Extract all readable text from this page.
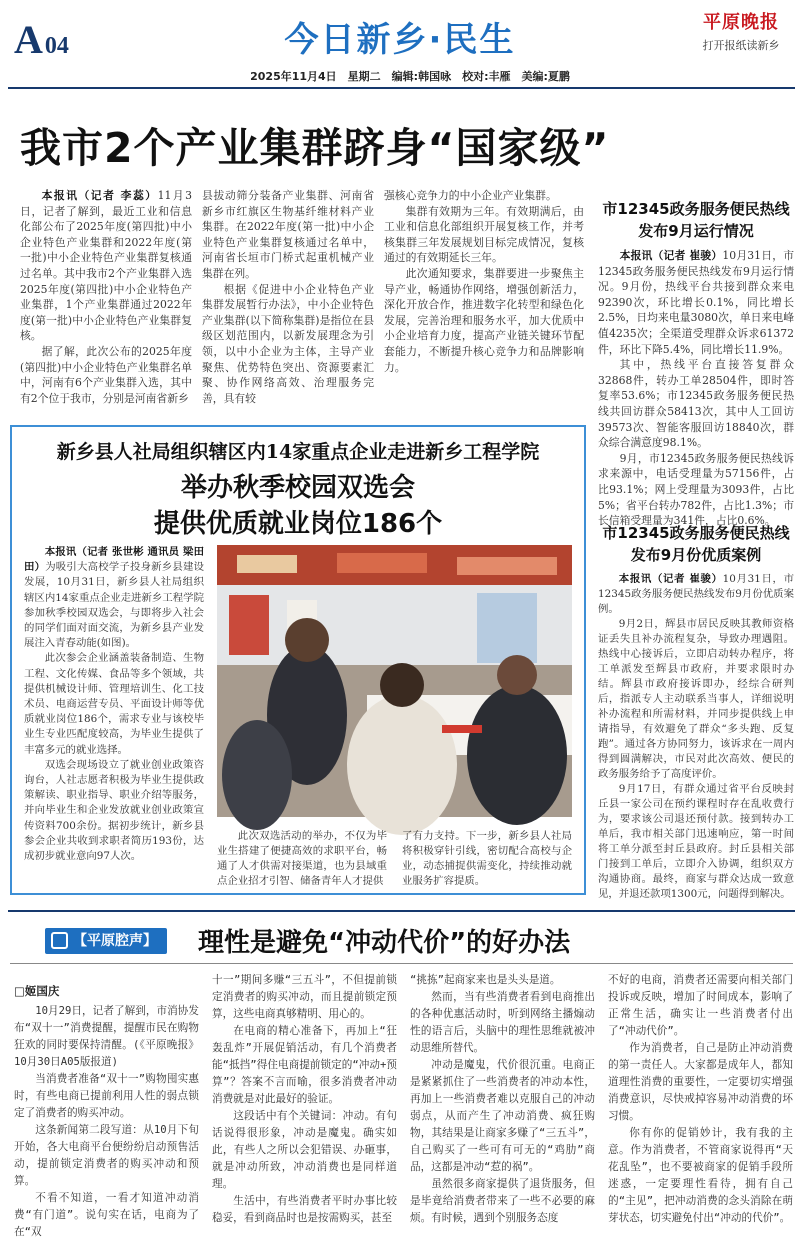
A04	今日新乡·民生	平原晚报
打开报纸读新乡
2025年11月4日　星期二　编辑:韩国咏　校对:丰雁　美编:夏鹏
我市2个产业集群跻身“国家级”

本报讯（记者 李蕊）11月3日，记者了解到，最近工业和信息化部公布了2025年度(第四批)中小企业特色产业集群和2022年度(第一批)中小企业特色产业集群复核通过名单。其中我市2个产业集群入选2025年度(第四批)中小企业特色产业集群，1个产业集群通过2022年度(第一批)中小企业特色产业集群复核。

据了解，此次公布的2025年度(第四批)中小企业特色产业集群名单中，河南有6个产业集群入选，其中有2个位于我市，分别是河南省新乡

县拔动筛分装备产业集群、河南省新乡市红旗区生物基纤维材料产业集群。在2022年度(第一批)中小企业特色产业集群复核通过名单中，河南省长垣市门桥式起重机械产业集群在列。

根据《促进中小企业特色产业集群发展暂行办法》，中小企业特色产业集群(以下简称集群)是指位在县级区划范围内，以新发展理念为引领，以中小企业为主体，主导产业聚焦、优势特色突出、资源要素汇聚、协作网络高效、治理服务完善，具有较

强核心竞争力的中小企业产业集群。

集群有效期为三年。有效期满后，由工业和信息化部组织开展复核工作，并考核集群三年发展规划目标完成情况，复核通过的有效期延长三年。

此次通知要求，集群要进一步聚焦主导产业，畅通协作网络，增强创新活力，深化开放合作，推进数字化转型和绿色化发展，完善治理和服务水平，加大优质中小企业培育力度，提高产业链关键环节配套能力，不断提升核心竞争力和品牌影响力。

市12345政务服务便民热线
发布9月运行情况

本报讯（记者 崔骏）10月31日，市12345政务服务便民热线发布9月运行情况。9月份，热线平台共接到群众来电92390次，环比增长0.1%，同比增长2.5%，日均来电量3080次，单日来电峰值4235次；全渠道受理群众诉求61372件，环比下降5.4%，同比增长11.9%。

其中，热线平台直接答复群众32868件，转办工单28504件，即时答复率53.6%；市12345政务服务便民热线共回访群众58413次，其中人工回访39573次、智能客服回访18840次，群众综合满意度98.1%。

9月，市12345政务服务便民热线诉求来源中，电话受理量为57156件，占比93.1%；网上受理量为3093件，占比5%；省平台转办782件，占比1.3%；市长信箱受理量为341件，占比0.6%。

市12345政务服务便民热线
发布9月份优质案例

本报讯（记者 崔骏）10月31日，市12345政务服务便民热线发布9月份优质案例。

9月2日，辉县市居民反映其教师资格证丢失且补办流程复杂，导致办理遇阻。热线中心接诉后，立即启动转办程序，将工单派发至辉县市政府，并要求限时办结。辉县市政府接诉即办，经综合研判后，指派专人主动联系当事人，详细说明补办流程和所需材料，并同步提供线上申请指导，有效避免了群众“多头跑、反复跑”。通过各方协同努力，该诉求在一周内得到圆满解决，市民对此次高效、便民的政务服务给予了高度评价。

9月17日，有群众通过省平台反映封丘县一家公司在预约课程时存在乱收费行为，要求该公司退还预付款。接到转办工单后，我市相关部门迅速响应，第一时间将工单分派至封丘县政府。封丘县相关部门接到工单后，立即介入协调，组织双方沟通协商。最终，商家与群众达成一致意见，并退还款项1300元，问题得到解决。

新乡县人社局组织辖区内14家重点企业走进新乡工程学院
举办秋季校园双选会
提供优质就业岗位186个

本报讯（记者 张世彬 通讯员 梁田田）为吸引大高校学子投身新乡县建设发展，10月31日，新乡县人社局组织辖区内14家重点企业走进新乡工程学院参加秋季校园双选会，与即将步入社会的同学们面对面交流，为新乡县产业发展注入青春动能(如图)。

此次参会企业涵盖装备制造、生物工程、文化传媒、食品等多个领域，共提供机械设计师、管理培训生、化工技术员、电商运营专员、平面设计师等优质就业岗位186个，需求专业与该校毕业生专业匹配度较高，为毕业生提供了丰富多元的就业选择。

双选会现场设立了就业创业政策咨询台，人社志愿者积极为毕业生提供政策解读、职业指导、职业介绍等服务，并向毕业生和企业发放就业创业政策宣传资料700余份。据初步统计，新乡县参会企业共收到求职者简历193份，达成初步就业意向97人次。

此次双选活动的举办，不仅为毕业生搭建了便捷高效的求职平台，畅通了人才供需对接渠道，也为县域重点企业招才引智、储备青年人才提供

了有力支持。下一步，新乡县人社局将积极穿针引线，密切配合高校与企业，动态捕捉供需变化，持续推动就业服务扩容提质。

【平原腔声】	理性是避免“冲动代价”的好办法
□姬国庆

10月29日，记者了解到，市消协发布“双十一”消费提醒，提醒市民在购物狂欢的同时要保持清醒。(《平原晚报》10月30日A05版报道)

当消费者准备“双十一”购物囤实惠时，有些电商已提前利用人性的弱点锁定了消费者的购买冲动。

这条新闻第二段写道：从10月下旬开始，各大电商平台便纷纷启动预售活动，提前锁定消费者的购买冲动和预算。

不看不知道，一看才知道冲动消费“有门道”。说句实在话，电商为了在“双

十一”期间多赚“三五斗”，不但提前锁定消费者的购买冲动，而且提前锁定预算，这些电商真够精明、用心的。

在电商的精心准备下，再加上“狂轰乱炸”开展促销活动，有几个消费者能“抵挡”得住电商提前锁定的“冲动+预算”？答案不言而喻，很多消费者冲动消费就是对此最好的验证。

这段话中有个关键词：冲动。有句话说得很形象，冲动是魔鬼。确实如此，有些人之所以会犯错误、办砸事，就是冲动所致，冲动消费也是同样道理。

生活中，有些消费者平时办事比较稳妥，看到商品时也是按需购买，甚至

“挑拣”起商家来也是头头是道。

然而，当有些消费者看到电商推出的各种优惠活动时，听到网络主播煽动性的语言后，头脑中的理性思维就被冲动思维所替代。

冲动是魔鬼，代价很沉重。电商正是紧紧抓住了一些消费者的冲动本性，再加上一些消费者难以克服自己的冲动弱点，从而产生了冲动消费、疯狂购物，其结果是让商家多赚了“三五斗”，自己购买了一些可有可无的“鸡肋”商品，这都是冲动“惹的祸”。

虽然很多商家提供了退货服务，但是毕竟给消费者带来了一些不必要的麻烦。有时候，遇到个别服务态度

不好的电商，消费者还需要向相关部门投诉或反映，增加了时间成本，影响了正常生活，确实让一些消费者付出了“冲动代价”。

作为消费者，自己是防止冲动消费的第一责任人。大家都是成年人，都知道理性消费的重要性，一定要切实增强消费意识，尽快戒掉容易冲动消费的坏习惯。

你有你的促销妙计，我有我的主意。作为消费者，不管商家说得再“天花乱坠”，也不要被商家的促销手段所迷惑，一定要理性看待，拥有自己的“主见”，把冲动消费的念头消除在萌芽状态，切实避免付出“冲动的代价”。
